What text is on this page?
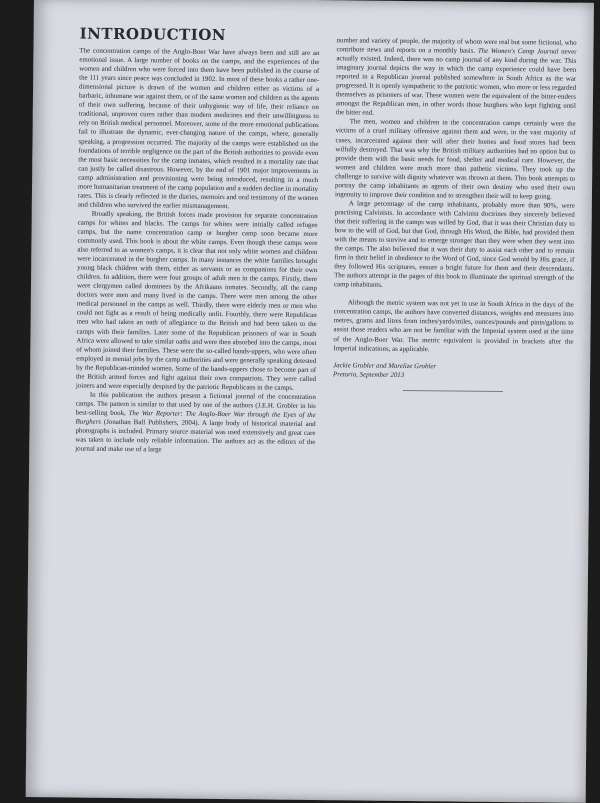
INTRODUCTION

The concentration camps of the Anglo-Boer War have always been and still are an emotional issue. A large number of books on the camps, and the experiences of the women and children who were forced into them have been published in the course of the 111 years since peace was concluded in 1902. In most of these books a rather one-dimensional picture is drawn of the women and children either as victims of a barbaric, inhumane war against them, or of the same women and children as the agents of their own suffering, because of their unhygienic way of life, their reliance on traditional, unproven cures rather than modern medicines and their unwillingness to rely on British medical personnel. Moreover, some of the more emotional publications fail to illustrate the dynamic, ever-changing nature of the camps, where, generally speaking, a progression occurred. The majority of the camps were established on the foundations of terrible negligence on the part of the British authorities to provide even the most basic necessities for the camp inmates, which resulted in a mortality rate that can justly be called disastrous. However, by the end of 1901 major improvements in camp administration and provisioning were being introduced, resulting in a much more humanitarian treatment of the camp population and a sudden decline in mortality rates. This is clearly reflected in the diaries, memoirs and oral testimony of the women and children who survived the earlier mismanagement.

Broadly speaking, the British forces made provision for separate concentration camps for whites and blacks. The camps for whites were initially called refugee camps, but the name concentration camp or burgher camp soon became more commonly used. This book is about the white camps. Even though these camps were also referred to as women's camps, it is clear that not only white women and children were incarcerated in the burgher camps. In many instances the white families brought young black children with them, either as servants or as companions for their own children. In addition, there were four groups of adult men in the camps. Firstly, there were clergymen called dominees by the Afrikaans inmates. Secondly, all the camp doctors were men and many lived in the camps. There were men among the other medical personnel in the camps as well. Thirdly, there were elderly men or men who could not fight as a result of being medically unfit. Fourthly, there were Republican men who had taken an oath of allegiance to the British and had been taken to the camps with their families. Later some of the Republican prisoners of war in South Africa were allowed to take similar oaths and were then absorbed into the camps, most of whom joined their families. These were the so-called hands-uppers, who were often employed in menial jobs by the camp authorities and were generally speaking detested by the Republican-minded women. Some of the hands-uppers chose to become part of the British armed forces and fight against their own compatriots. They were called joiners and were especially despised by the patriotic Republicans in the camps.

In this publication the authors present a fictional journal of the concentration camps. The pattern is similar to that used by one of the authors (J.E.H. Grobler in his best-selling book, The War Reporter: The Anglo-Boer War through the Eyes of the Burghers (Jonathan Ball Publishers, 2004). A large body of historical material and photographs is included. Primary source material was used extensively and great care was taken to include only reliable information. The authors act as the editors of the journal and make use of a large

number and variety of people, the majority of whom were real but some fictional, who contribute news and reports on a monthly basis. The Women's Camp Journal never actually existed. Indeed, there was no camp journal of any kind during the war. This imaginary journal depicts the way in which the camp experience could have been reported in a Republican journal published somewhere in South Africa as the war progressed. It is openly sympathetic to the patriotic women, who more or less regarded themselves as prisoners of war. These women were the equivalent of the bitter-enders amongst the Republican men, in other words those burghers who kept fighting until the bitter end.

The men, women and children in the concentration camps certainly were the victims of a cruel military offensive against them and were, in the vast majority of cases, incarcerated against their will after their homes and food stores had been wilfully destroyed. That was why the British military authorities had no option but to provide them with the basic needs for food, shelter and medical care. However, the women and children were much more than pathetic victims. They took up the challenge to survive with dignity whatever was thrown at them. This book attempts to portray the camp inhabitants as agents of their own destiny who used their own ingenuity to improve their condition and to strengthen their will to keep going.

A large percentage of the camp inhabitants, probably more than 90%, were practising Calvinists. In accordance with Calvinist doctrines they sincerely believed that their suffering in the camps was willed by God, that it was their Christian duty to bow to the will of God, but that God, through His Word, the Bible, had provided them with the means to survive and to emerge stronger than they were when they went into the camps. The also believed that it was their duty to assist each other and to remain firm in their belief in obedience to the Word of God, since God would by His grace, if they followed His scriptures, ensure a bright future for them and their descendants. The authors attempt in the pages of this book to illuminate the spiritual strength of the camp inhabitants.

Although the metric system was not yet in use in South Africa in the days of the concentration camps, the authors have converted distances, weights and measures into metres, grams and litres from inches/yards/miles, ounces/pounds and pints/gallons to assist those readers who are not be familiar with the Imperial system used at the time of the Anglo-Boer War. The metric equivalent is provided in brackets after the Imperial indications, as applicable.

Jackie Grobler and Marelize Grobler

Pretoria, September 2013
